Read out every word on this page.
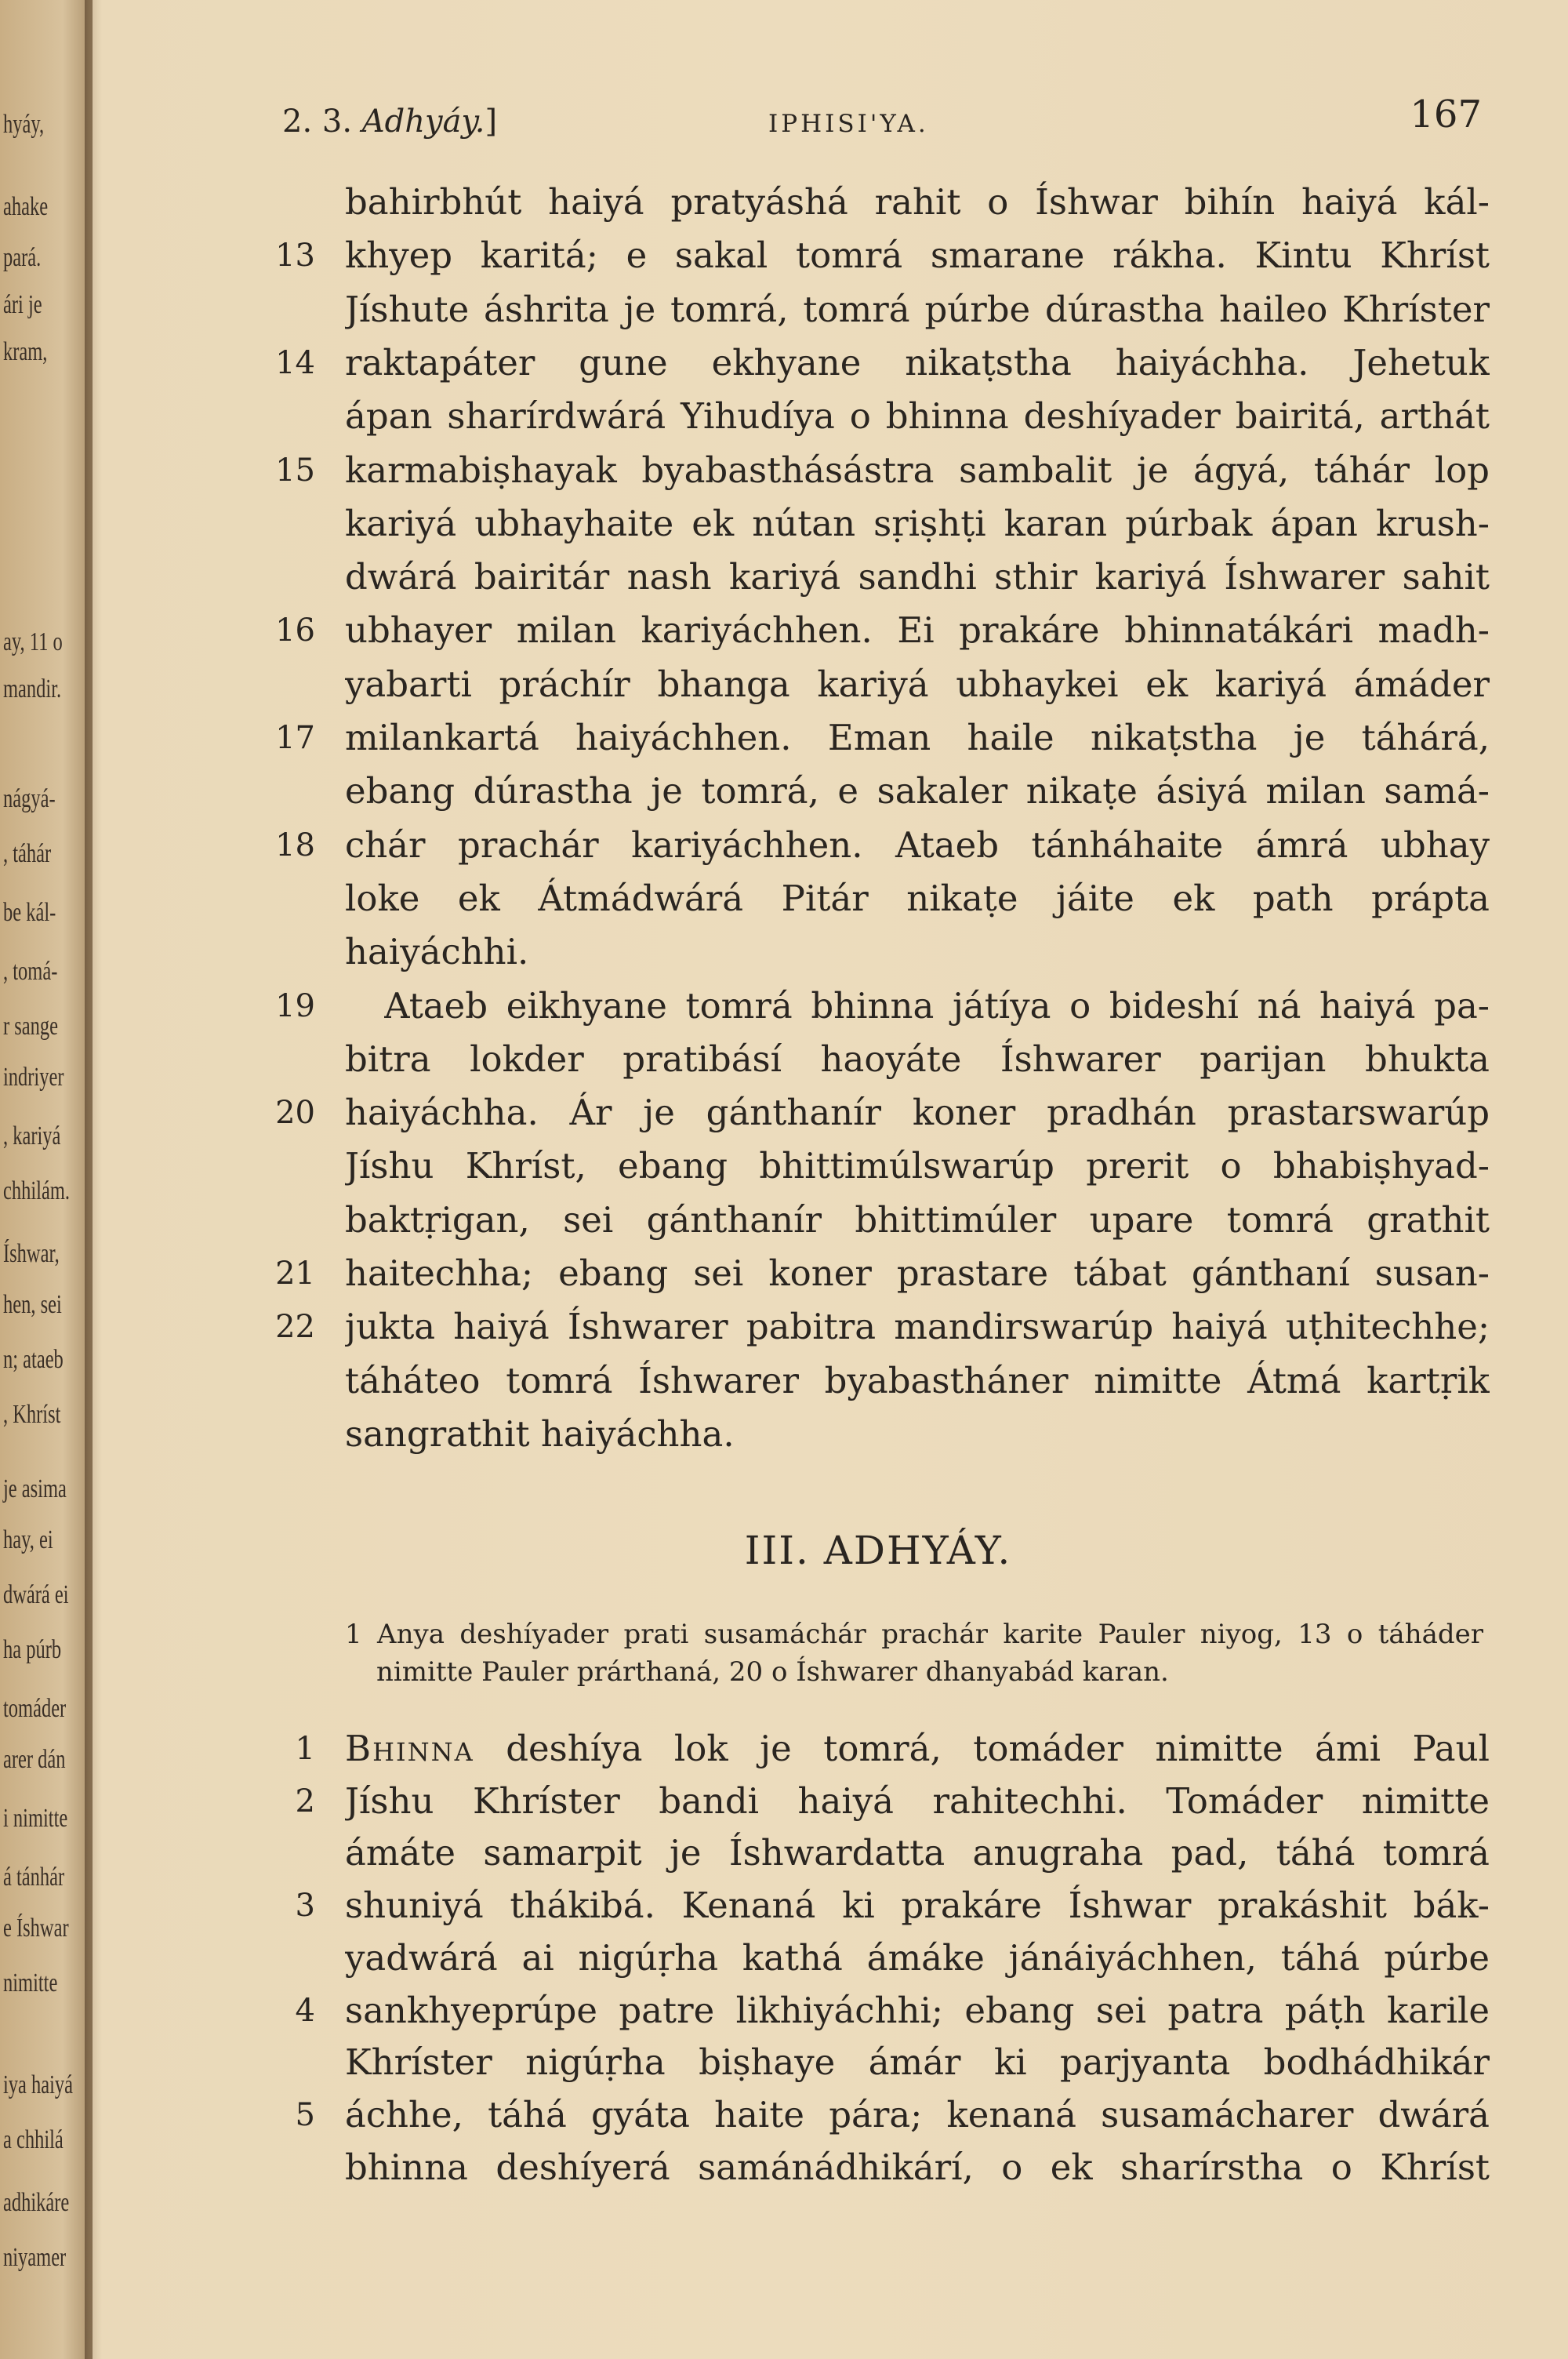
hyáy,
ahake
pará.
ári je
kram,
ay, 11 o
mandir.
nágyá-
, táhár
be kál-
, tomá-
r sange
indriyer
, kariyá
chhilám.
Íshwar,
hen, sei
n; ataeb
, Khríst
je asima
hay, ei
dwárá ei
ha púrb
tomáder
arer dán
i nimitte
á tánhár
e Íshwar
nimitte
iya haiyá
a chhilá
adhikáre
niyamer
2. 3. Adhyáy.]	IPHISI'YA.	167
bahirbhút haiyá pratyáshá rahit o Íshwar bihín haiyá kál-
13 khyep karitá; e sakal tomrá smarane rákha. Kintu Khríst
Jíshute áshrita je tomrá, tomrá púrbe dúrastha haileo Khríster
14 raktapáter gune ekhyane nikaṭstha haiyáchha. Jehetuk
ápan sharírdwárá Yihudíya o bhinna deshíyader bairitá, arthát
15 karmabiṣhayak byabasthásástra sambalit je ágyá, táhár lop
kariyá ubhayhaite ek nútan sṛiṣhṭi karan púrbak ápan krush-
dwárá bairitár nash kariyá sandhi sthir kariyá Íshwarer sahit
16 ubhayer milan kariyáchhen. Ei prakáre bhinnatákári madh-
yabarti práchír bhanga kariyá ubhaykei ek kariyá ámáder
17 milankartá haiyáchhen. Eman haile nikaṭstha je táhárá,
ebang dúrastha je tomrá, e sakaler nikaṭe ásiyá milan samá-
18 chár prachár kariyáchhen. Ataeb tánháhaite ámrá ubhay
loke ek Átmádwárá Pitár nikaṭe jáite ek path prápta
haiyáchhi.
19 Ataeb eikhyane tomrá bhinna játíya o bideshí ná haiyá pa-
bitra lokder pratibásí haoyáte Íshwarer parijan bhukta
20 haiyáchha. Ár je gánthanír koner pradhán prastarswarúp
Jíshu Khríst, ebang bhittimúlswarúp prerit o bhabiṣhyad-
baktṛigan, sei gánthanír bhittimúler upare tomrá grathit
21 haitechha; ebang sei koner prastare tábat gánthaní susan-
22 jukta haiyá Íshwarer pabitra mandirswarúp haiyá uṭhitechhe;
táháteo tomrá Íshwarer byabastháner nimitte Átmá kartṛik
sangrathit haiyáchha.
III. ADHYÁY.
1 Anya deshíyader prati susamáchár prachár karite Pauler niyog, 13 o táháder
nimitte Pauler prárthaná, 20 o Íshwarer dhanyabád karan.
1 Bhinna deshíya lok je tomrá, tomáder nimitte ámi Paul
2 Jíshu Khríster bandi haiyá rahitechhi. Tomáder nimitte
ámáte samarpit je Íshwardatta anugraha pad, táhá tomrá
3 shuniyá thákibá. Kenaná ki prakáre Íshwar prakáshit bák-
yadwárá ai nigúṛha kathá ámáke jánáiyáchhen, táhá púrbe
4 sankhyeprúpe patre likhiyáchhi; ebang sei patra páṭh karile
Khríster nigúṛha biṣhaye ámár ki parjyanta bodhádhikár
5 áchhe, táhá gyáta haite pára; kenaná susamácharer dwárá
bhinna deshíyerá samánádhikárí, o ek sharírstha o Khríst
